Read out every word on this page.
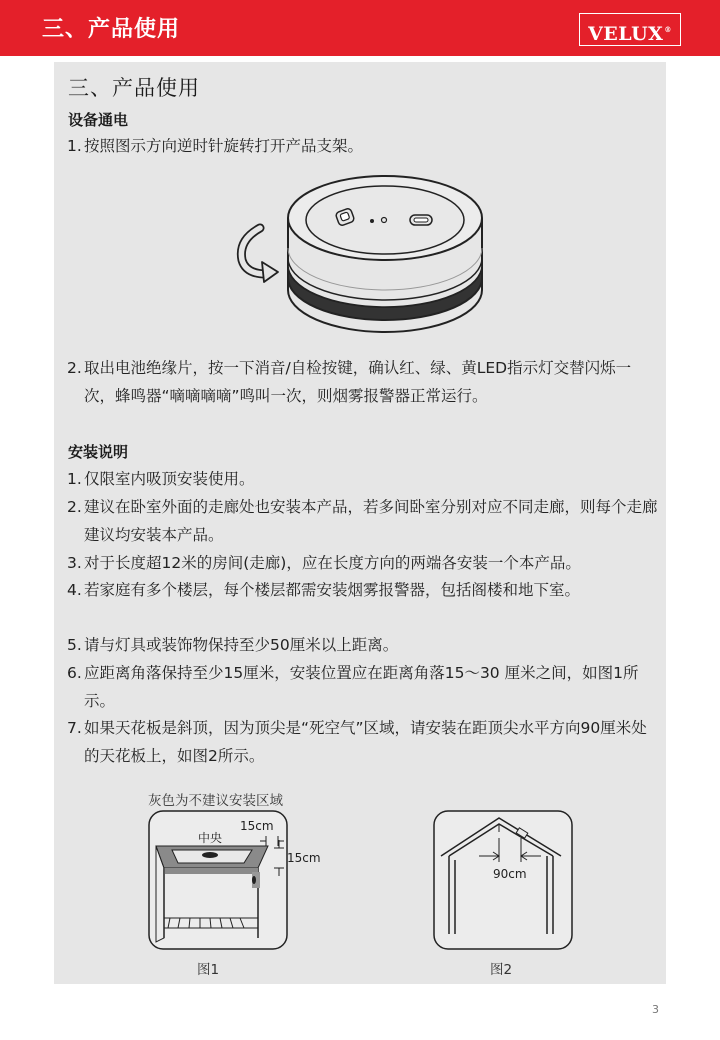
三、产品使用	VELUX®
三、产品使用
设备通电
1. 按照图示方向逆时针旋转打开产品支架。
2. 取出电池绝缘片，按一下消音/自检按键，确认红、绿、黄LED指示灯交替闪烁一次，蜂鸣器“嘀嘀嘀嘀”鸣叫一次，则烟雾报警器正常运行。
安装说明
1. 仅限室内吸顶安装使用。
2. 建议在卧室外面的走廊处也安装本产品，若多间卧室分别对应不同走廊，则每个走廊建议均安装本产品。
3. 对于长度超12米的房间(走廊)，应在长度方向的两端各安装一个本产品。
4. 若家庭有多个楼层，每个楼层都需安装烟雾报警器，包括阁楼和地下室。
5. 请与灯具或装饰物保持至少50厘米以上距离。
6. 应距离角落保持至少15厘米，安装位置应在距离角落15～30 厘米之间，如图1所示。
7. 如果天花板是斜顶，因为顶尖是“死空气”区域，请安装在距顶尖水平方向90厘米处的天花板上，如图2所示。
灰色为不建议安装区域
中央
15cm
15cm
图1
90cm
图2
3
